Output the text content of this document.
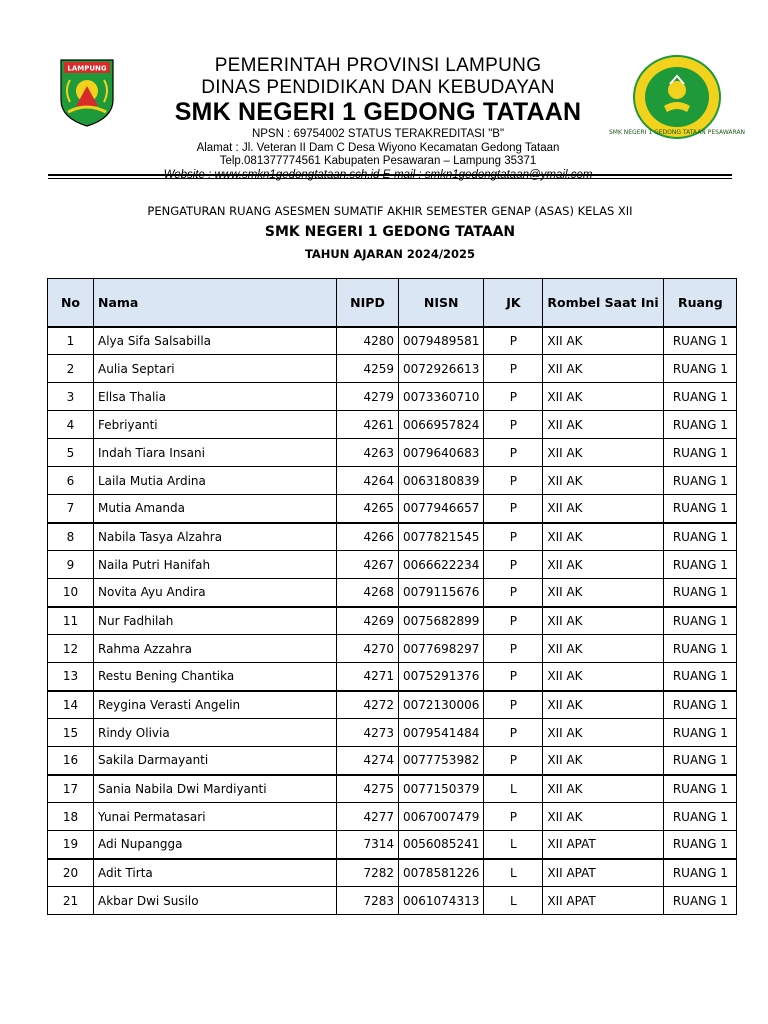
LAMPUNG	PEMERINTAH PROVINSI LAMPUNG
DINAS PENDIDIKAN DAN KEBUDAYAN
SMK NEGERI 1 GEDONG TATAAN
NPSN : 69754002 STATUS TERAKREDITASI "B"
Alamat : Jl. Veteran II Dam C Desa Wiyono Kecamatan Gedong Tataan
Telp.081377774561 Kabupaten Pesawaran – Lampung 35371
Website : www.smkn1gedongtataan.sch.id E-mail : smkn1gedongtataan@ymail.com
SMK NEGERI 1 GEDONG TATAAN PESAWARAN
PENGATURAN RUANG ASESMEN SUMATIF AKHIR SEMESTER GENAP (ASAS) KELAS XII
SMK NEGERI 1 GEDONG TATAAN
TAHUN AJARAN 2024/2025
No	Nama	NIPD	NISN	JK	Rombel Saat Ini	Ruang
1	Alya Sifa Salsabilla	4280	0079489581	P	XII AK	RUANG 1
2	Aulia Septari	4259	0072926613	P	XII AK	RUANG 1
3	Ellsa Thalia	4279	0073360710	P	XII AK	RUANG 1
4	Febriyanti	4261	0066957824	P	XII AK	RUANG 1
5	Indah Tiara Insani	4263	0079640683	P	XII AK	RUANG 1
6	Laila Mutia Ardina	4264	0063180839	P	XII AK	RUANG 1
7	Mutia Amanda	4265	0077946657	P	XII AK	RUANG 1
8	Nabila Tasya Alzahra	4266	0077821545	P	XII AK	RUANG 1
9	Naila Putri Hanifah	4267	0066622234	P	XII AK	RUANG 1
10	Novita Ayu Andira	4268	0079115676	P	XII AK	RUANG 1
11	Nur Fadhilah	4269	0075682899	P	XII AK	RUANG 1
12	Rahma Azzahra	4270	0077698297	P	XII AK	RUANG 1
13	Restu Bening Chantika	4271	0075291376	P	XII AK	RUANG 1
14	Reygina Verasti Angelin	4272	0072130006	P	XII AK	RUANG 1
15	Rindy Olivia	4273	0079541484	P	XII AK	RUANG 1
16	Sakila Darmayanti	4274	0077753982	P	XII AK	RUANG 1
17	Sania Nabila Dwi Mardiyanti	4275	0077150379	L	XII AK	RUANG 1
18	Yunai Permatasari	4277	0067007479	P	XII AK	RUANG 1
19	Adi Nupangga	7314	0056085241	L	XII APAT	RUANG 1
20	Adit Tirta	7282	0078581226	L	XII APAT	RUANG 1
21	Akbar Dwi Susilo	7283	0061074313	L	XII APAT	RUANG 1
